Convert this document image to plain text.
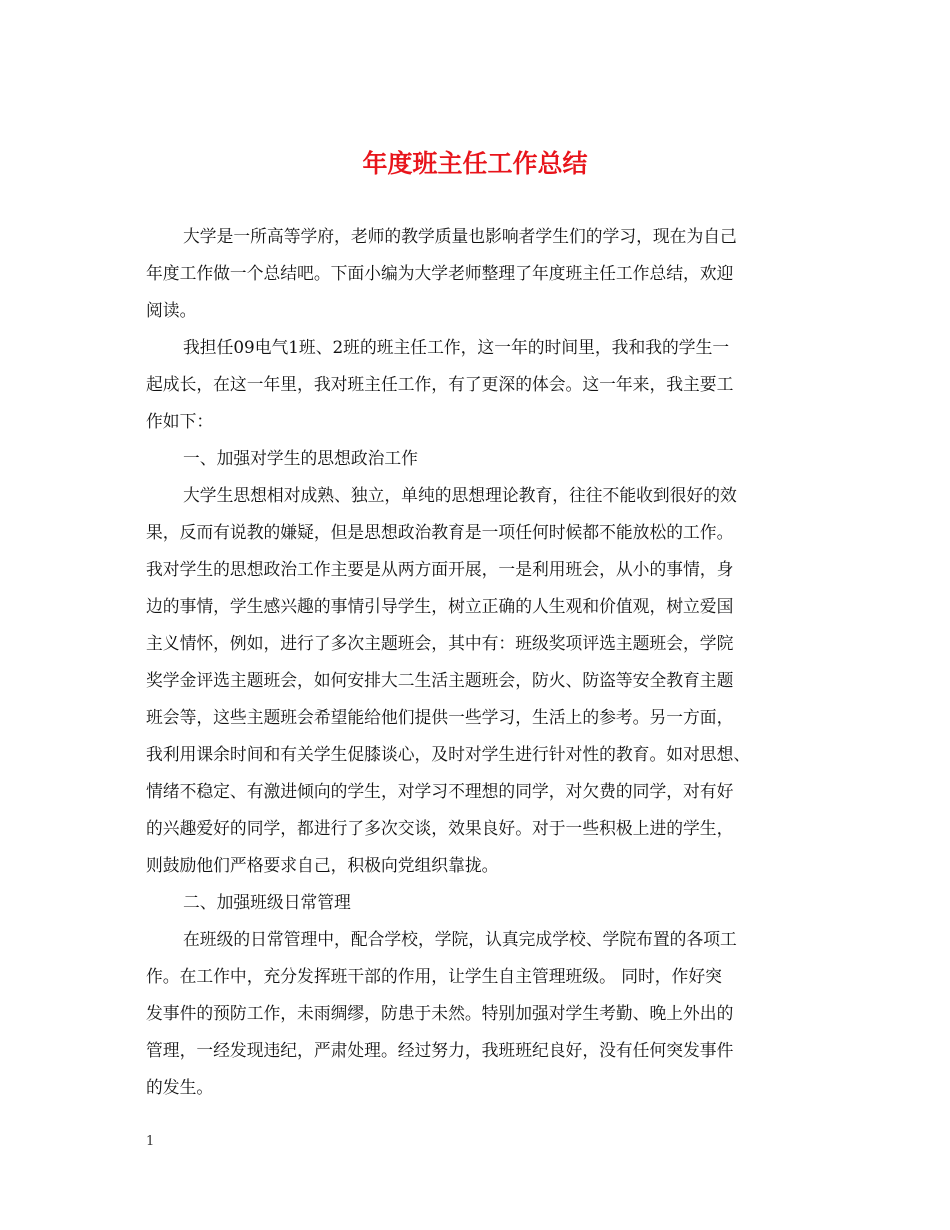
年度班主任工作总结
大学是一所高等学府，老师的教学质量也影响者学生们的学习，现在为自己
年度工作做一个总结吧。下面小编为大学老师整理了年度班主任工作总结，欢迎
阅读。
我担任09电气1班、2班的班主任工作，这一年的时间里，我和我的学生一
起成长，在这一年里，我对班主任工作，有了更深的体会。这一年来，我主要工
作如下：
一、加强对学生的思想政治工作
大学生思想相对成熟、独立，单纯的思想理论教育，往往不能收到很好的效
果，反而有说教的嫌疑，但是思想政治教育是一项任何时候都不能放松的工作。
我对学生的思想政治工作主要是从两方面开展，一是利用班会，从小的事情，身
边的事情，学生感兴趣的事情引导学生，树立正确的人生观和价值观，树立爱国
主义情怀，例如，进行了多次主题班会，其中有：班级奖项评选主题班会，学院
奖学金评选主题班会，如何安排大二生活主题班会，防火、防盗等安全教育主题
班会等，这些主题班会希望能给他们提供一些学习，生活上的参考。另一方面，
我利用课余时间和有关学生促膝谈心，及时对学生进行针对性的教育。如对思想、
情绪不稳定、有激进倾向的学生，对学习不理想的同学，对欠费的同学，对有好
的兴趣爱好的同学，都进行了多次交谈，效果良好。对于一些积极上进的学生，
则鼓励他们严格要求自己，积极向党组织靠拢。
二、加强班级日常管理
在班级的日常管理中，配合学校，学院，认真完成学校、学院布置的各项工
作。在工作中，充分发挥班干部的作用，让学生自主管理班级。 同时，作好突
发事件的预防工作，未雨绸缪，防患于未然。特别加强对学生考勤、晚上外出的
管理，一经发现违纪，严肃处理。经过努力，我班班纪良好，没有任何突发事件
的发生。
1
